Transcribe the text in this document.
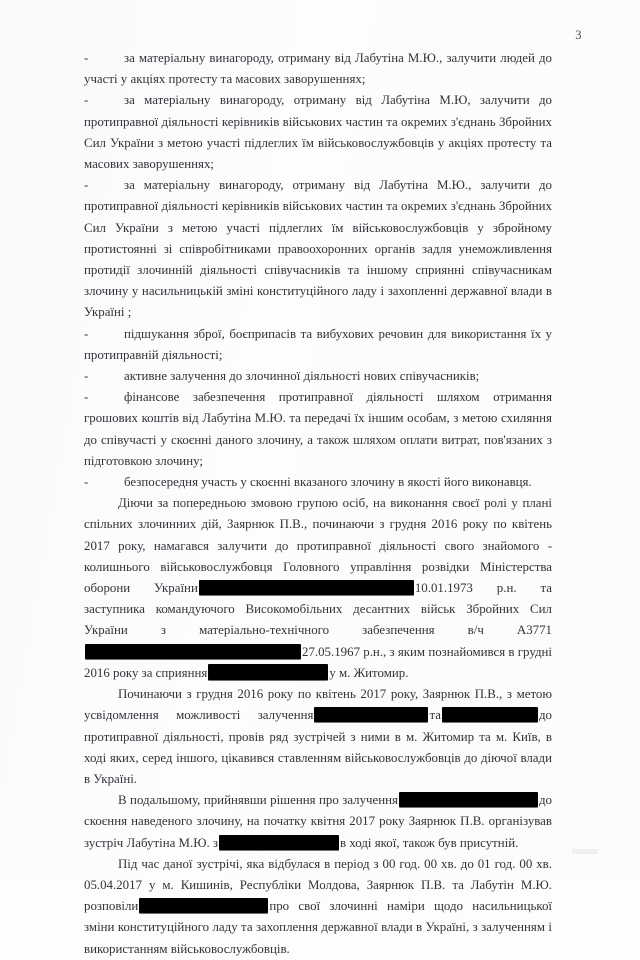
3

-	за матеріальну винагороду, отриману від Лабутіна М.Ю., залучити людей до участі у акціях протесту та масових заворушеннях;

-	за матеріальну винагороду, отриману від Лабутіна М.Ю, залучити до протиправної діяльності керівників військових частин та окремих з'єднань Збройних Сил України з метою участі підлеглих їм військовослужбовців у акціях протесту та масових заворушеннях;

-	за матеріальну винагороду, отриману від Лабутіна М.Ю., залучити до протиправної діяльності керівників військових частин та окремих з'єднань Збройних Сил України з метою участі підлеглих їм військовослужбовців у збройному протистоянні зі співробітниками правоохоронних органів задля унеможливлення протидії злочинній діяльності співучасників та іншому сприянні співучасникам злочину у насильницькій зміні конституційного ладу і захопленні державної влади в Україні ;

-	підшукання зброї, боєприпасів та вибухових речовин для використання їх у протиправній діяльності;

-	активне залучення до злочинної діяльності нових співучасників;

-	фінансове забезпечення протиправної діяльності шляхом отримання грошових коштів від Лабутіна М.Ю. та передачі їх іншим особам, з метою схиляння до співучасті у скоєнні даного злочину, а також шляхом оплати витрат, пов'язаних з підготовкою злочину;

-	безпосередня участь у скоєнні вказаного злочину в якості його виконавця.

Діючи за попередньою змовою групою осіб, на виконання своєї ролі у плані спільних злочинних дій, Заярнюк П.В., починаючи з грудня 2016 року по квітень 2017 року, намагався залучити до протиправної діяльності свого знайомого - колишнього військовослужбовця Головного управління розвідки Міністерства оборони України	10.01.1973 р.н. та заступника командуючого Високомобільних десантних військ Збройних Сил України з матеріально-технічного забезпечення в/ч А377127.05.1967 р.н., з яким познайомився в грудні 2016 року за сприяння	у м. Житомир.

Починаючи з грудня 2016 року по квітень 2017 року, Заярнюк П.В., з метою усвідомлення можливості залучення	та	до протиправної діяльності, провів ряд зустрічей з ними в м. Житомир та м. Київ, в ході яких, серед іншого, цікавився ставленням військовослужбовців до діючої влади в Україні.

В подальшому, прийнявши рішення про залучення	до скоєння наведеного злочину, на початку квітня 2017 року Заярнюк П.В. організував зустріч Лабутіна М.Ю. з	в ході якої, також був присутній.

Під час даної зустрічі, яка відбулася в період з 00 год. 00 хв. до 01 год. 00 хв. 05.04.2017 у м. Кишинів, Республіки Молдова, Заярнюк П.В. та Лабутін М.Ю. розповіли	про свої злочинні наміри щодо насильницької зміни конституційного ладу та захоплення державної влади в Україні, з залученням і використанням військовослужбовців.
